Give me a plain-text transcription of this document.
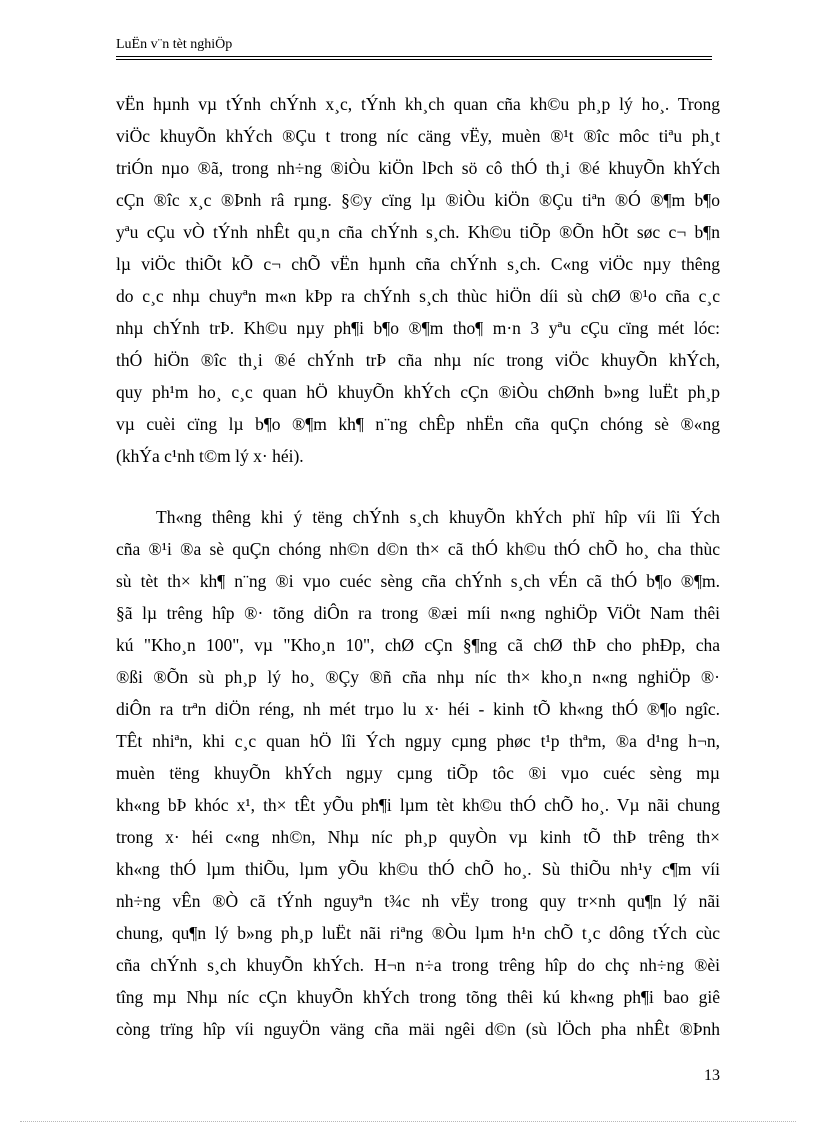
LuËn v¨n tèt nghiÖp
vËn hµnh vµ tÝnh chÝnh x¸c, tÝnh kh¸ch quan cña kh©u ph¸p lý ho¸. Trong
viÖc khuyÕn khÝch ®Çu t trong níc cäng vËy, muèn ®¹t ®îc môc tiªu ph¸t
triÓn nµo ®ã, trong nh÷ng ®iÒu kiÖn lÞch sö cô thÓ th¸i ®é khuyÕn khÝch
cÇn ®îc x¸c ®Þnh râ rµng. §©y cïng lµ ®iÒu kiÖn ®Çu tiªn ®Ó ®¶m b¶o
yªu cÇu vÒ tÝnh nhÊt qu¸n cña chÝnh s¸ch. Kh©u tiÕp ®Õn hÕt søc c¬ b¶n
lµ viÖc thiÕt kÕ c¬ chÕ vËn hµnh cña chÝnh s¸ch. C«ng viÖc nµy thêng
do c¸c nhµ chuyªn m«n kÞp ra chÝnh s¸ch thùc hiÖn díi sù chØ ®¹o cña c¸c
nhµ chÝnh trÞ. Kh©u nµy ph¶i b¶o ®¶m tho¶ m·n 3 yªu cÇu cïng mét lóc:
thÓ hiÖn ®îc th¸i ®é chÝnh trÞ cña nhµ níc trong viÖc khuyÕn khÝch,
quy ph¹m ho¸ c¸c quan hÖ khuyÕn khÝch cÇn ®iÒu chØnh b»ng luËt ph¸p
vµ cuèi cïng lµ b¶o ®¶m kh¶ n¨ng chÊp nhËn cña quÇn chóng sè ®«ng
(khÝa c¹nh t©m lý x· héi).
Th«ng thêng khi ý tëng chÝnh s¸ch khuyÕn khÝch phï hîp víi lîi Ých
cña ®¹i ®a sè quÇn chóng nh©n d©n th× cã thÓ kh©u thÓ chÕ ho¸ cha thùc
sù tèt th× kh¶ n¨ng ®i vµo cuéc sèng cña chÝnh s¸ch vÉn cã thÓ b¶o ®¶m.
§ã lµ trêng hîp ®· tõng diÔn ra trong ®æi míi n«ng nghiÖp ViÖt Nam thêi
kú "Kho¸n 100", vµ "Kho¸n 10", chØ cÇn §¶ng cã chØ thÞ cho phÐp, cha
®ßi ®Õn sù ph¸p lý ho¸ ®Çy ®ñ cña nhµ níc th× kho¸n n«ng nghiÖp ®·
diÔn ra trªn diÖn réng, nh mét trµo lu x· héi - kinh tÕ kh«ng thÓ ®¶o ngîc.
TÊt nhiªn, khi c¸c quan hÖ lîi Ých ngµy cµng phøc t¹p thªm, ®a d¹ng h¬n,
muèn tëng khuyÕn khÝch ngµy cµng tiÕp tôc ®i vµo cuéc sèng mµ
kh«ng bÞ khóc x¹, th× tÊt yÕu ph¶i lµm tèt kh©u thÓ chÕ ho¸. Vµ nãi chung
trong x· héi c«ng nh©n, Nhµ níc ph¸p quyÒn vµ kinh tÕ thÞ trêng th×
kh«ng thÓ lµm thiÕu, lµm yÕu kh©u thÓ chÕ ho¸. Sù thiÕu nh¹y c¶m víi
nh÷ng vÊn ®Ò cã tÝnh nguyªn t¾c nh vËy trong quy tr×nh qu¶n lý nãi
chung, qu¶n lý b»ng ph¸p luËt nãi riªng ®Òu lµm h¹n chÕ t¸c dông tÝch cùc
cña chÝnh s¸ch khuyÕn khÝch. H¬n n÷a trong trêng hîp do chç nh÷ng ®èi
tîng mµ Nhµ níc cÇn khuyÕn khÝch trong tõng thêi kú kh«ng ph¶i bao giê
còng trïng hîp víi nguyÖn väng cña mäi ngêi d©n (sù lÖch pha nhÊt ®Þnh
13
